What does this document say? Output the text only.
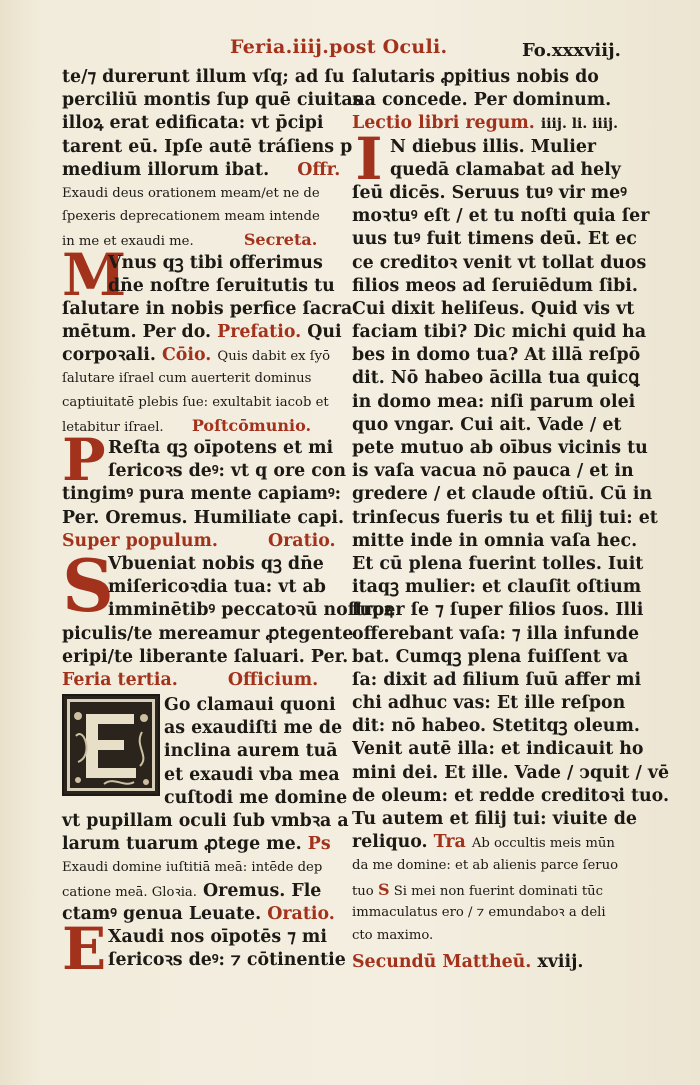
Feria.iiij.post Oculi.	Fo.xxxviij.
te/⁊ durerunt illum vſq; ad ſu
perciliū montis ſup quē ciuitas
illoꝝ erat edificata: vt p̄cipi
tarent eū. Ipſe autē tráſiens p
medium illorum ibat. Offr.
Exaudi deus orationem meam/et ne de
ſpexeris deprecationem meam intende
in me et exaudi me.	Secreta.
M
Vnus qꝫ tibi offerimus
dn̄e noſtre ſeruitutis tu
ſalutare in nobis perfice ſacra
mētum. Per do. Prefatio. Qui
corpoꝛali. Cōio. Quis dabit ex ſyō
ſalutare iſrael cum auerterit dominus
captiuitatē plebis ſue: exultabit iacob et
letabitur iſrael. Poſtcōmunio.
P Reſta qꝫ oīpotens et mi
ſericoꝛs deꝰ: vt q ore con
tingimꝰ pura mente capiamꝰ:
Per. Oremus. Humiliate capi.
Super populum.	Oratio.
S
Vbueniat nobis qꝫ dn̄e
miſericoꝛdia tua: vt ab
imminētibꝰ peccatoꝛū noſtroꝝ
piculis/te mereamur ꝓtegente
eripi/te liberante ſaluari. Per.
Feria tertia.	Officium.
Go clamaui quoni
as exaudiſti me de
inclina aurem tuā
et exaudi vba mea
cuſtodi me domine
vt pupillam oculi ſub vmbꝛa a
larum tuarum ꝓtege me. Ps
Exaudi domine iuſtitiā meā: intēde dep
catione meā. Gloꝛia. Oremus. Fle
ctamꝰ genua Leuate. Oratio.
E Xaudi nos oīpotēs ⁊ mi
ſericoꝛs deꝰ: ⁊ cōtinentie
ſalutaris ꝓpitius nobis do
na concede. Per dominum.
Lectio libri regum. iiij. li. iiij.
I N diebus illis. Mulier
quedā clamabat ad hely
ſeū dicēs. Seruus tuꝰ vir meꝰ
moꝛtuꝰ eſt / et tu noſti quia ſer
uus tuꝰ fuit timens deū. Et ec
ce creditoꝛ venit vt tollat duos
filios meos ad ſeruiēdum ſibi.
Cui dixit heliſeus. Quid vis vt
faciam tibi? Dic michi quid ha
bes in domo tua? At illā reſpō
dit. Nō habeo ācilla tua quicꝗ
in domo mea: niſi parum olei
quo vngar. Cui ait. Vade / et
pete mutuo ab oībus vicinis tu
is vaſa vacua nō pauca / et in
gredere / et claude oſtiū. Cū in
trinſecus fueris tu et filij tui: et
mitte inde in omnia vaſa hec.
Et cū plena fuerint tolles. Iuit
itaqꝫ mulier: et clauſit oſtium
ſuper ſe ⁊ ſuper filios ſuos. Illi
offerebant vaſa: ⁊ illa infunde
bat. Cumqꝫ plena fuiſſent va
ſa: dixit ad filium ſuū affer mi
chi adhuc vas: Et ille reſpon
dit: nō habeo. Stetitqꝫ oleum.
Venit autē illa: et indicauit ho
mini dei. Et ille. Vade / ↄquit / vē
de oleum: et redde creditoꝛi tuo.
Tu autem et filij tui: viuite de
reliquo. Tra Ab occultis meis mūn
da me domine: et ab alienis parce ſeruo
tuo S Si mei non fuerint dominati tūc
immaculatus ero / ⁊ emundaboꝛ a deli
cto maximo.
Secundū Mattheū. xviij.
